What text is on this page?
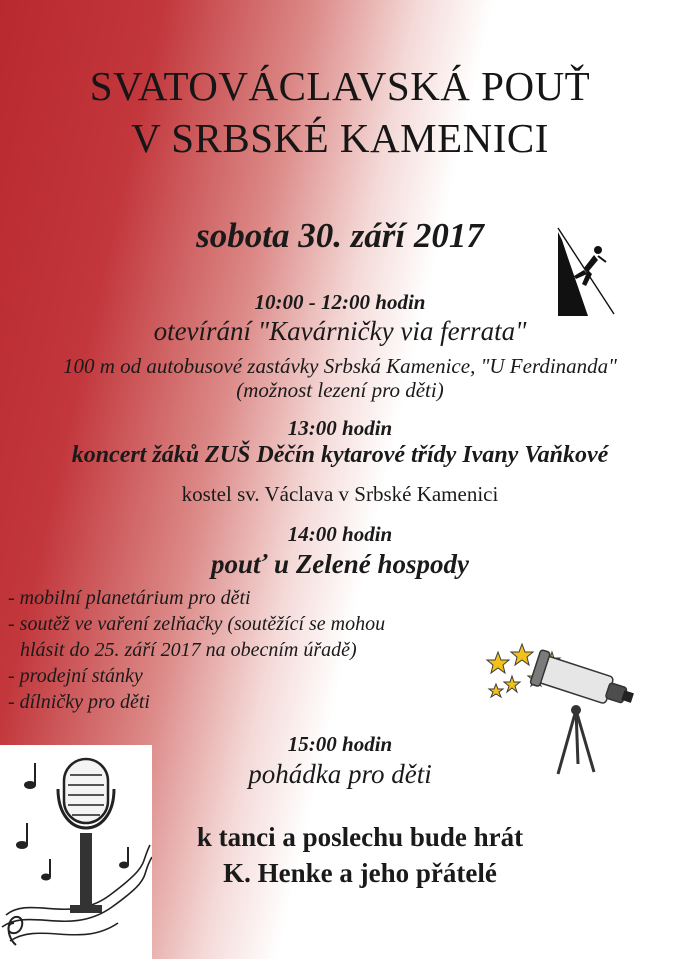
SVATOVÁCLAVSKÁ POUŤ
V SRBSKÉ KAMENICI
sobota 30. září 2017
10:00 - 12:00 hodin
otevírání "Kavárničky via ferrata"
100 m od autobusové zastávky Srbská Kamenice, "U Ferdinanda"
(možnost lezení pro děti)
13:00 hodin
koncert žáků ZUŠ Děčín kytarové třídy Ivany Vaňkové
kostel sv. Václava v Srbské Kamenici
14:00 hodin
pouť u Zelené hospody
- mobilní planetárium pro děti
- soutěž ve vaření zelňačky (soutěžící se mohou
hlásit do 25. září 2017 na obecním úřadě)
- prodejní stánky
- dílničky pro děti
15:00 hodin
pohádka pro děti
k tanci a poslechu bude hrát
K. Henke a jeho přátelé
